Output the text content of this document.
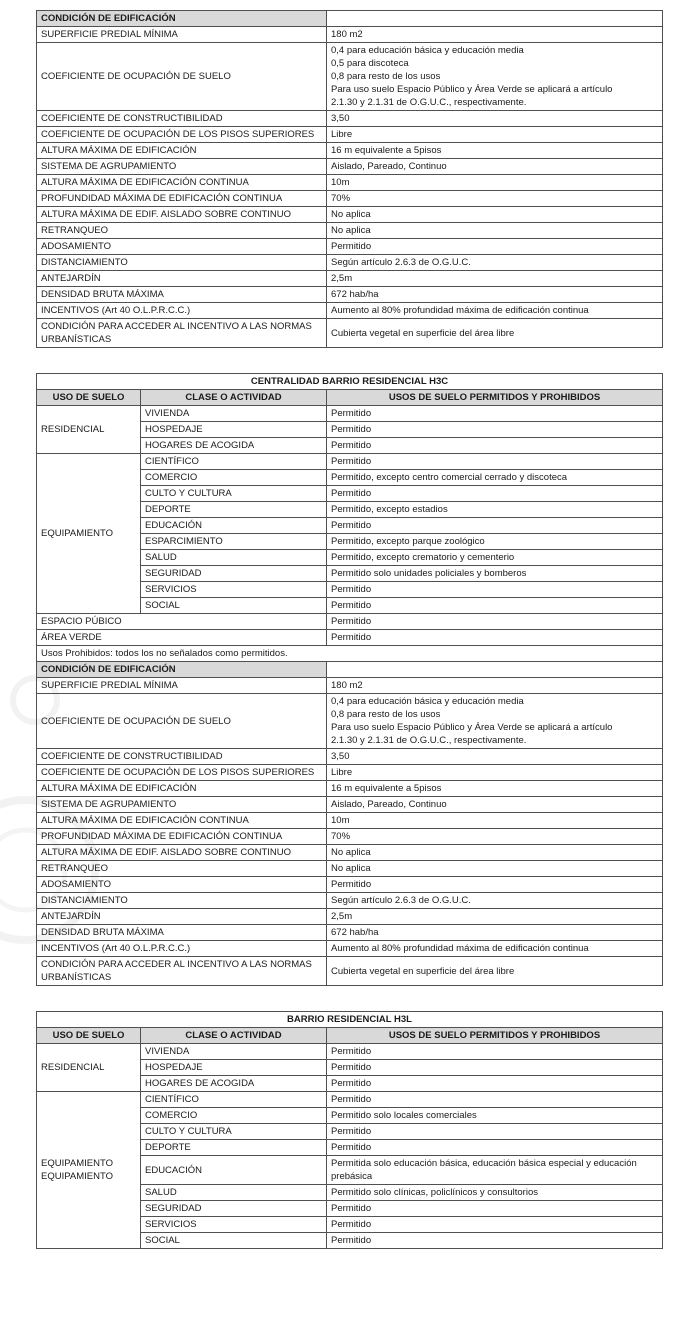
CONDICIÓN DE EDIFICACIÓN	
SUPERFICIE PREDIAL MÍNIMA	180 m2

COEFICIENTE DE OCUPACIÓN DE SUELO	0,4 para educación básica y educación media
0,5 para discoteca
0,8 para resto de los usos
Para uso suelo Espacio Público y Área Verde se aplicará a artículo
2.1.30 y 2.1.31 de O.G.U.C., respectivamente.

COEFICIENTE DE CONSTRUCTIBILIDAD	3,50

COEFICIENTE DE OCUPACIÓN DE LOS PISOS SUPERIORES	Libre

ALTURA MÁXIMA DE EDIFICACIÓN	16 m equivalente a 5pisos

SISTEMA DE AGRUPAMIENTO	Aislado, Pareado, Continuo

ALTURA MÁXIMA DE EDIFICACIÓN CONTINUA	10m

PROFUNDIDAD MÁXIMA DE EDIFICACIÓN CONTINUA	70%

ALTURA MÁXIMA DE EDIF. AISLADO SOBRE CONTINUO	No aplica

RETRANQUEO	No aplica

ADOSAMIENTO	Permitido

DISTANCIAMIENTO	Según artículo 2.6.3 de O.G.U.C.

ANTEJARDÍN	2,5m

DENSIDAD BRUTA MÁXIMA	672 hab/ha

INCENTIVOS (Art 40 O.L.P.R.C.C.)	Aumento al 80% profundidad máxima de edificación continua

CONDICIÓN PARA ACCEDER AL INCENTIVO A LAS NORMAS URBANÍSTICAS	Cubierta vegetal en superficie del área libre
CENTRALIDAD BARRIO RESIDENCIAL H3C		
USO DE SUELO	CLASE O ACTIVIDAD	USOS DE SUELO PERMITIDOS Y PROHIBIDOS
RESIDENCIAL	VIVIENDA	Permitido
	HOSPEDAJE	Permitido
	HOGARES DE ACOGIDA	Permitido
EQUIPAMIENTO	CIENTÍFICO	Permitido
	COMERCIO	Permitido, excepto centro comercial cerrado y discoteca
	CULTO Y CULTURA	Permitido
	DEPORTE	Permitido, excepto estadios
	EDUCACIÓN	Permitido
	ESPARCIMIENTO	Permitido, excepto parque zoológico
	SALUD	Permitido, excepto crematorio y cementerio
	SEGURIDAD	Permitido solo unidades policiales y bomberos
	SERVICIOS	Permitido
	SOCIAL	Permitido
ESPACIO PÚBICO		Permitido
ÁREA VERDE		Permitido
Usos Prohibidos: todos los no señalados como permitidos.		
CONDICIÓN DE EDIFICACIÓN		
SUPERFICIE PREDIAL MÍNIMA		180 m2

COEFICIENTE DE OCUPACIÓN DE SUELO		0,4 para educación básica y educación media
0,8 para resto de los usos
Para uso suelo Espacio Público y Área Verde se aplicará a artículo
2.1.30 y 2.1.31 de O.G.U.C., respectivamente.

COEFICIENTE DE CONSTRUCTIBILIDAD		3,50

COEFICIENTE DE OCUPACIÓN DE LOS PISOS SUPERIORES		Libre

ALTURA MÁXIMA DE EDIFICACIÓN		16 m equivalente a 5pisos

SISTEMA DE AGRUPAMIENTO		Aislado, Pareado, Continuo

ALTURA MÁXIMA DE EDIFICACIÓN CONTINUA		10m

PROFUNDIDAD MÁXIMA DE EDIFICACIÓN CONTINUA		70%

ALTURA MÁXIMA DE EDIF. AISLADO SOBRE CONTINUO		No aplica

RETRANQUEO		No aplica

ADOSAMIENTO		Permitido

DISTANCIAMIENTO		Según artículo 2.6.3 de O.G.U.C.

ANTEJARDÍN		2,5m

DENSIDAD BRUTA MÁXIMA		672 hab/ha

INCENTIVOS (Art 40 O.L.P.R.C.C.)		Aumento al 80% profundidad máxima de edificación continua

CONDICIÓN PARA ACCEDER AL INCENTIVO A LAS NORMAS URBANÍSTICAS		Cubierta vegetal en superficie del área libre
BARRIO RESIDENCIAL H3L		
USO DE SUELO	CLASE O ACTIVIDAD	USOS DE SUELO PERMITIDOS Y PROHIBIDOS
RESIDENCIAL	VIVIENDA	Permitido
	HOSPEDAJE	Permitido
	HOGARES DE ACOGIDA	Permitido
EQUIPAMIENTO EQUIPAMIENTO	CIENTÍFICO	Permitido
	COMERCIO	Permitido solo locales comerciales
	CULTO Y CULTURA	Permitido
	DEPORTE	Permitido
	EDUCACIÓN	Permitida solo educación básica, educación básica especial y educación prebásica
	SALUD	Permitido solo clínicas, policlínicos y consultorios
	SEGURIDAD	Permitido
	SERVICIOS	Permitido
	SOCIAL	Permitido
